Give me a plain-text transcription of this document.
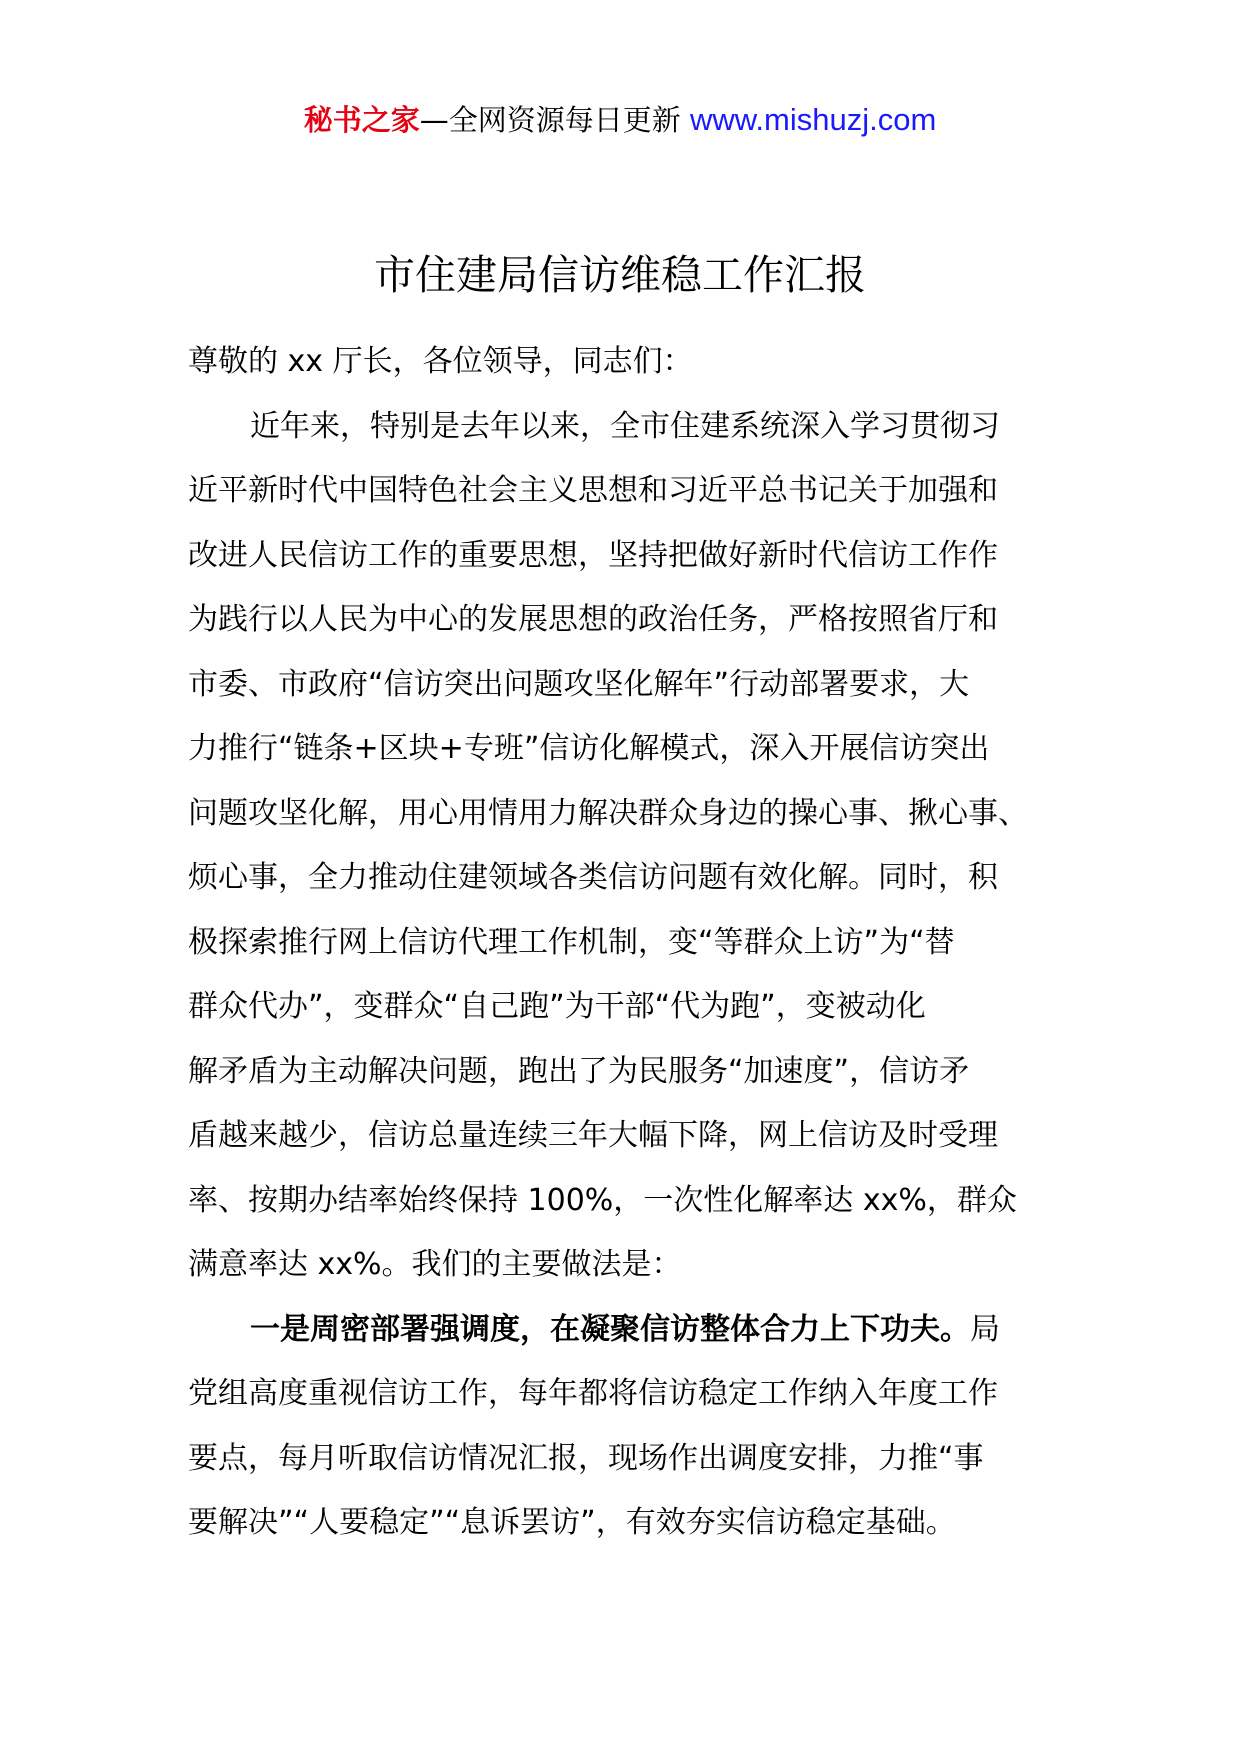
秘书之家—全网资源每日更新 www.mishuzj.com
市住建局信访维稳工作汇报
尊敬的 xx 厅长，各位领导，同志们：
近年来，特别是去年以来，全市住建系统深入学习贯彻习
近平新时代中国特色社会主义思想和习近平总书记关于加强和
改进人民信访工作的重要思想，坚持把做好新时代信访工作作
为践行以人民为中心的发展思想的政治任务，严格按照省厅和
市委、市政府“信访突出问题攻坚化解年”行动部署要求，大
力推行“链条+区块+专班”信访化解模式，深入开展信访突出
问题攻坚化解，用心用情用力解决群众身边的操心事、揪心事、
烦心事，全力推动住建领域各类信访问题有效化解。同时，积
极探索推行网上信访代理工作机制，变“等群众上访”为“替
群众代办”，变群众“自己跑”为干部“代为跑”，变被动化
解矛盾为主动解决问题，跑出了为民服务“加速度”，信访矛
盾越来越少，信访总量连续三年大幅下降，网上信访及时受理
率、按期办结率始终保持 100%，一次性化解率达 xx%，群众
满意率达 xx%。我们的主要做法是：
一是周密部署强调度，在凝聚信访整体合力上下功夫。局
党组高度重视信访工作，每年都将信访稳定工作纳入年度工作
要点，每月听取信访情况汇报，现场作出调度安排，力推“事
要解决”“人要稳定”“息诉罢访”，有效夯实信访稳定基础。
